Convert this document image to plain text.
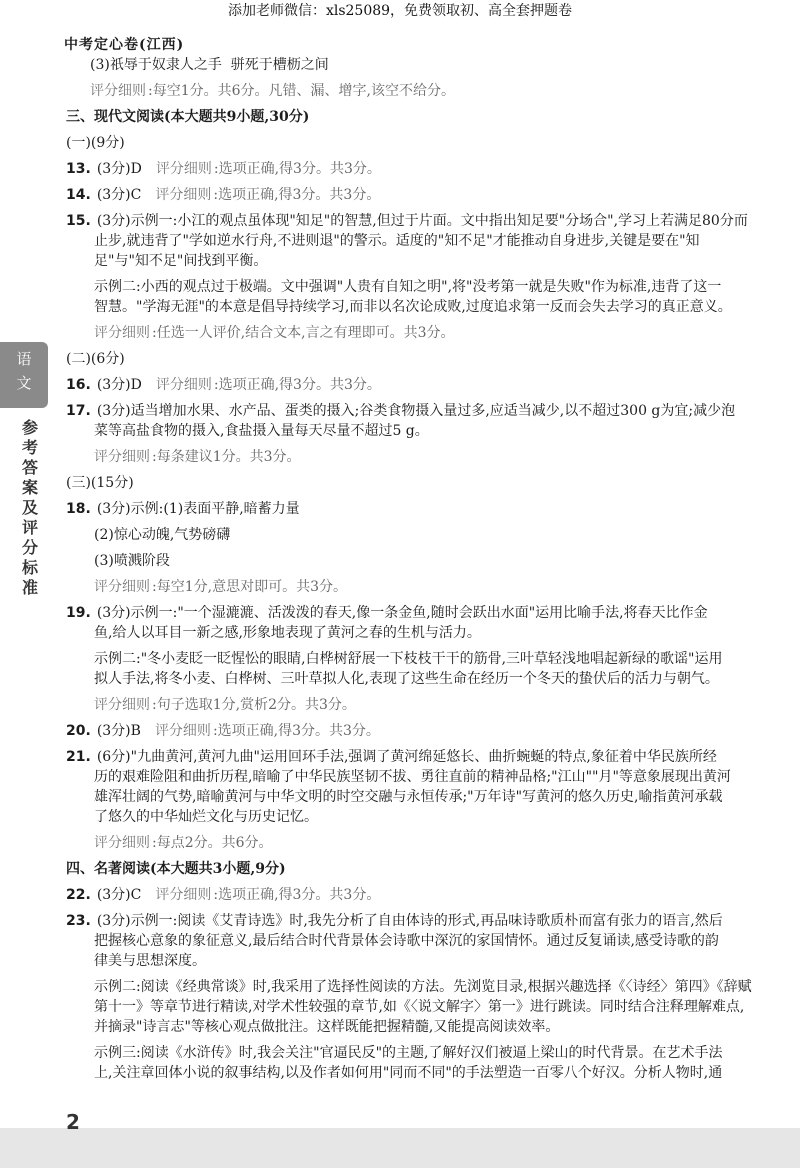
添加老师微信：xls25089，免费领取初、高全套押题卷
中考定心卷(江西)
语
文
参考答案及评分标准
(3)祇辱于奴隶人之手  骈死于槽枥之间
评分细则 :每空1分。共6分。凡错、漏、增字,该空不给分。
三、现代文阅读(本大题共9小题,30分)
(一)(9分)
13. (3分)D 评分细则 :选项正确,得3分。共3分。
14. (3分)C 评分细则 :选项正确,得3分。共3分。
15. (3分)示例一:小江的观点虽体现"知足"的智慧,但过于片面。文中指出知足要"分场合",学习上若满足80分而
止步,就违背了"学如逆水行舟,不进则退"的警示。适度的"知不足"才能推动自身进步,关键是要在"知
足"与"知不足"间找到平衡。
示例二:小西的观点过于极端。文中强调"人贵有自知之明",将"没考第一就是失败"作为标准,违背了这一
智慧。"学海无涯"的本意是倡导持续学习,而非以名次论成败,过度追求第一反而会失去学习的真正意义。
评分细则 :任选一人评价,结合文本,言之有理即可。共3分。
(二)(6分)
16. (3分)D 评分细则 :选项正确,得3分。共3分。
17. (3分)适当增加水果、水产品、蛋类的摄入;谷类食物摄入量过多,应适当减少,以不超过300 g为宜;减少泡
菜等高盐食物的摄入,食盐摄入量每天尽量不超过5 g。
评分细则 :每条建议1分。共3分。
(三)(15分)
18. (3分)示例:(1)表面平静,暗蓄力量
(2)惊心动魄,气势磅礴
(3)喷溅阶段
评分细则 :每空1分,意思对即可。共3分。
19. (3分)示例一:"一个湿漉漉、活泼泼的春天,像一条金鱼,随时会跃出水面"运用比喻手法,将春天比作金
鱼,给人以耳目一新之感,形象地表现了黄河之春的生机与活力。
示例二:"冬小麦眨一眨惺忪的眼睛,白桦树舒展一下枝枝干干的筋骨,三叶草轻浅地唱起新绿的歌谣"运用
拟人手法,将冬小麦、白桦树、三叶草拟人化,表现了这些生命在经历一个冬天的蛰伏后的活力与朝气。
评分细则 :句子选取1分,赏析2分。共3分。
20. (3分)B 评分细则 :选项正确,得3分。共3分。
21. (6分)"九曲黄河,黄河九曲"运用回环手法,强调了黄河绵延悠长、曲折蜿蜒的特点,象征着中华民族所经
历的艰难险阻和曲折历程,暗喻了中华民族坚韧不拔、勇往直前的精神品格;"江山""月"等意象展现出黄河
雄浑壮阔的气势,暗喻黄河与中华文明的时空交融与永恒传承;"万年诗"写黄河的悠久历史,喻指黄河承载
了悠久的中华灿烂文化与历史记忆。
评分细则 :每点2分。共6分。
四、名著阅读(本大题共3小题,9分)
22. (3分)C 评分细则 :选项正确,得3分。共3分。
23. (3分)示例一:阅读《艾青诗选》时,我先分析了自由体诗的形式,再品味诗歌质朴而富有张力的语言,然后
把握核心意象的象征意义,最后结合时代背景体会诗歌中深沉的家国情怀。通过反复诵读,感受诗歌的韵
律美与思想深度。
示例二:阅读《经典常谈》时,我采用了选择性阅读的方法。先浏览目录,根据兴趣选择《〈诗经〉第四》《辞赋
第十一》等章节进行精读,对学术性较强的章节,如《〈说文解字〉第一》进行跳读。同时结合注释理解难点,
并摘录"诗言志"等核心观点做批注。这样既能把握精髓,又能提高阅读效率。
示例三:阅读《水浒传》时,我会关注"官逼民反"的主题,了解好汉们被逼上梁山的时代背景。在艺术手法
上,关注章回体小说的叙事结构,以及作者如何用"同而不同"的手法塑造一百零八个好汉。分析人物时,通
2
